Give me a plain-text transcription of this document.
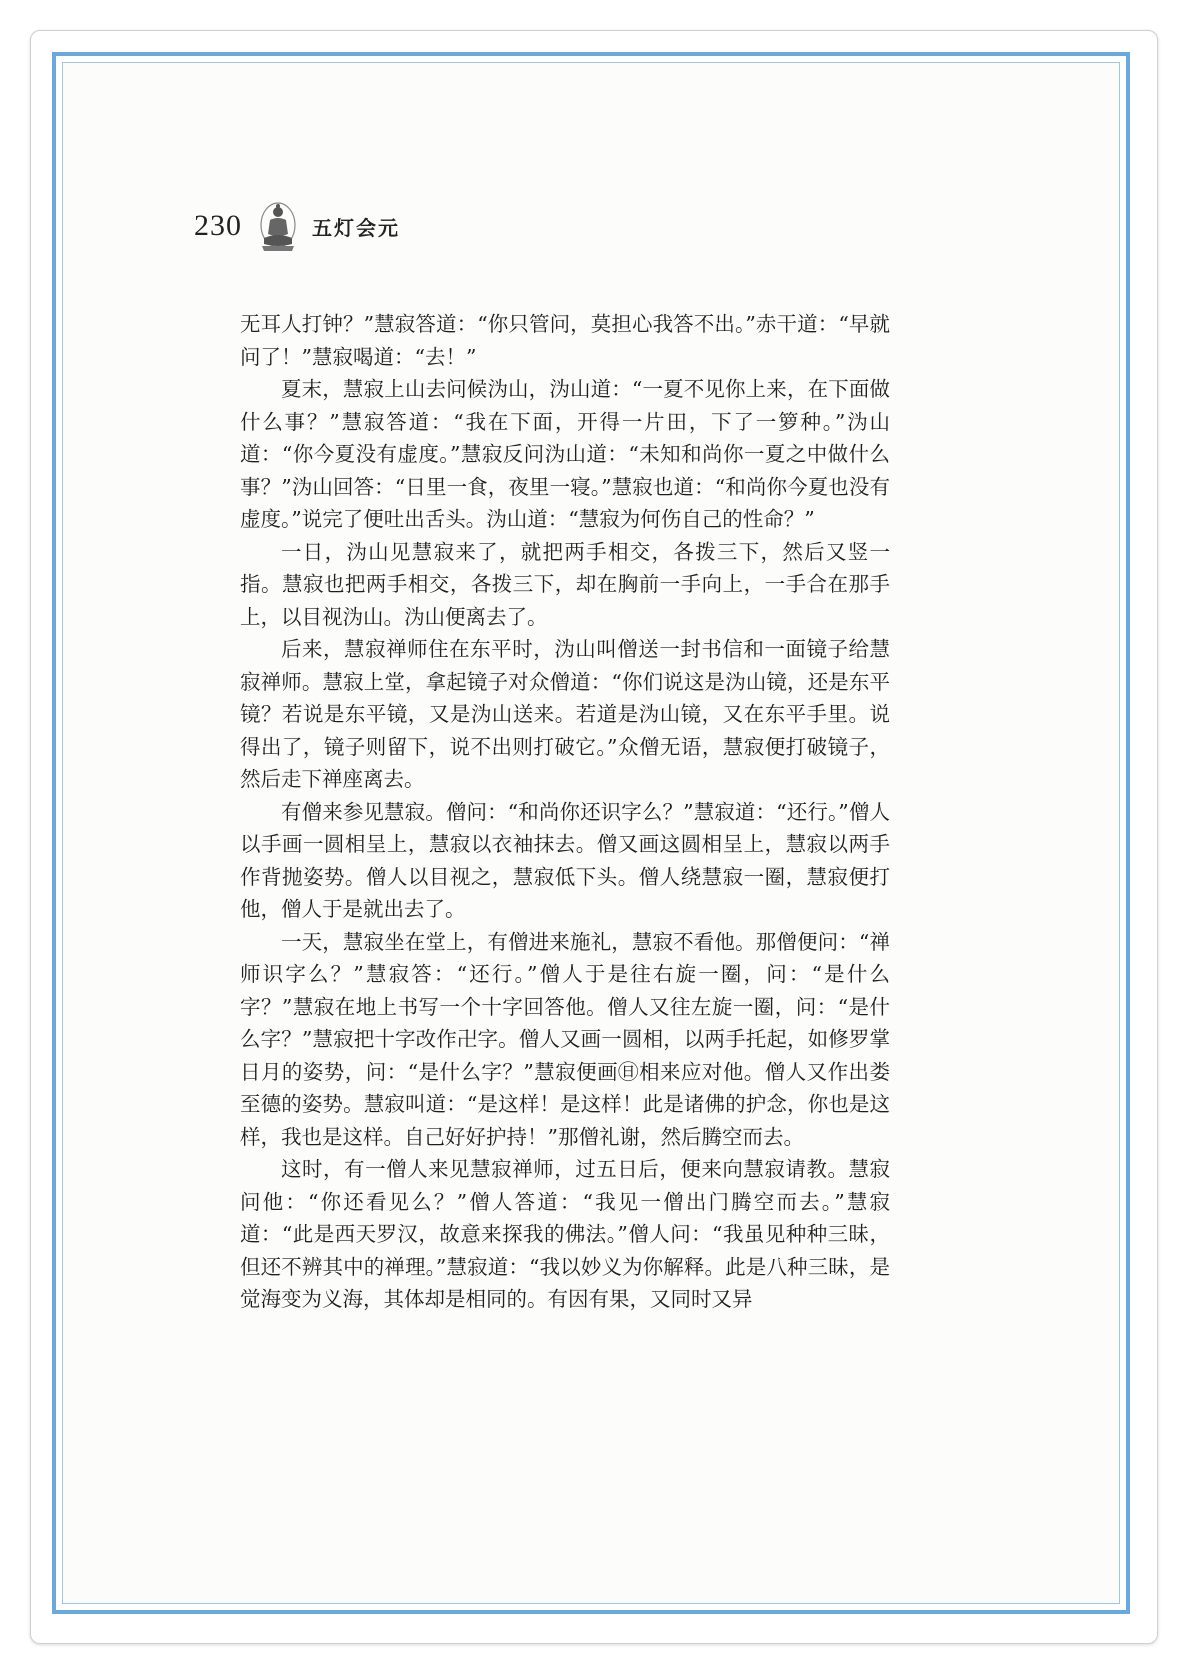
230	五灯会元

无耳人打钟？”慧寂答道：“你只管问，莫担心我答不出。”赤干道：“早就问了！”慧寂喝道：“去！”

夏末，慧寂上山去问候沩山，沩山道：“一夏不见你上来，在下面做什么事？”慧寂答道：“我在下面，开得一片田，下了一箩种。”沩山道：“你今夏没有虚度。”慧寂反问沩山道：“未知和尚你一夏之中做什么事？”沩山回答：“日里一食，夜里一寝。”慧寂也道：“和尚你今夏也没有虚度。”说完了便吐出舌头。沩山道：“慧寂为何伤自己的性命？”

一日，沩山见慧寂来了，就把两手相交，各拨三下，然后又竖一指。慧寂也把两手相交，各拨三下，却在胸前一手向上，一手合在那手上，以目视沩山。沩山便离去了。

后来，慧寂禅师住在东平时，沩山叫僧送一封书信和一面镜子给慧寂禅师。慧寂上堂，拿起镜子对众僧道：“你们说这是沩山镜，还是东平镜？若说是东平镜，又是沩山送来。若道是沩山镜，又在东平手里。说得出了，镜子则留下，说不出则打破它。”众僧无语，慧寂便打破镜子，然后走下禅座离去。

有僧来参见慧寂。僧问：“和尚你还识字么？”慧寂道：“还行。”僧人以手画一圆相呈上，慧寂以衣袖抹去。僧又画这圆相呈上，慧寂以两手作背抛姿势。僧人以目视之，慧寂低下头。僧人绕慧寂一圈，慧寂便打他，僧人于是就出去了。

一天，慧寂坐在堂上，有僧进来施礼，慧寂不看他。那僧便问：“禅师识字么？”慧寂答：“还行。”僧人于是往右旋一圈，问：“是什么字？”慧寂在地上书写一个十字回答他。僧人又往左旋一圈，问：“是什么字？”慧寂把十字改作卍字。僧人又画一圆相，以两手托起，如修罗掌日月的姿势，问：“是什么字？”慧寂便画㊐相来应对他。僧人又作出娄至德的姿势。慧寂叫道：“是这样！是这样！此是诸佛的护念，你也是这样，我也是这样。自己好好护持！”那僧礼谢，然后腾空而去。

这时，有一僧人来见慧寂禅师，过五日后，便来向慧寂请教。慧寂问他：“你还看见么？”僧人答道：“我见一僧出门腾空而去。”慧寂道：“此是西天罗汉，故意来探我的佛法。”僧人问：“我虽见种种三昧，但还不辨其中的禅理。”慧寂道：“我以妙义为你解释。此是八种三昧，是觉海变为义海，其体却是相同的。有因有果，又同时又异
